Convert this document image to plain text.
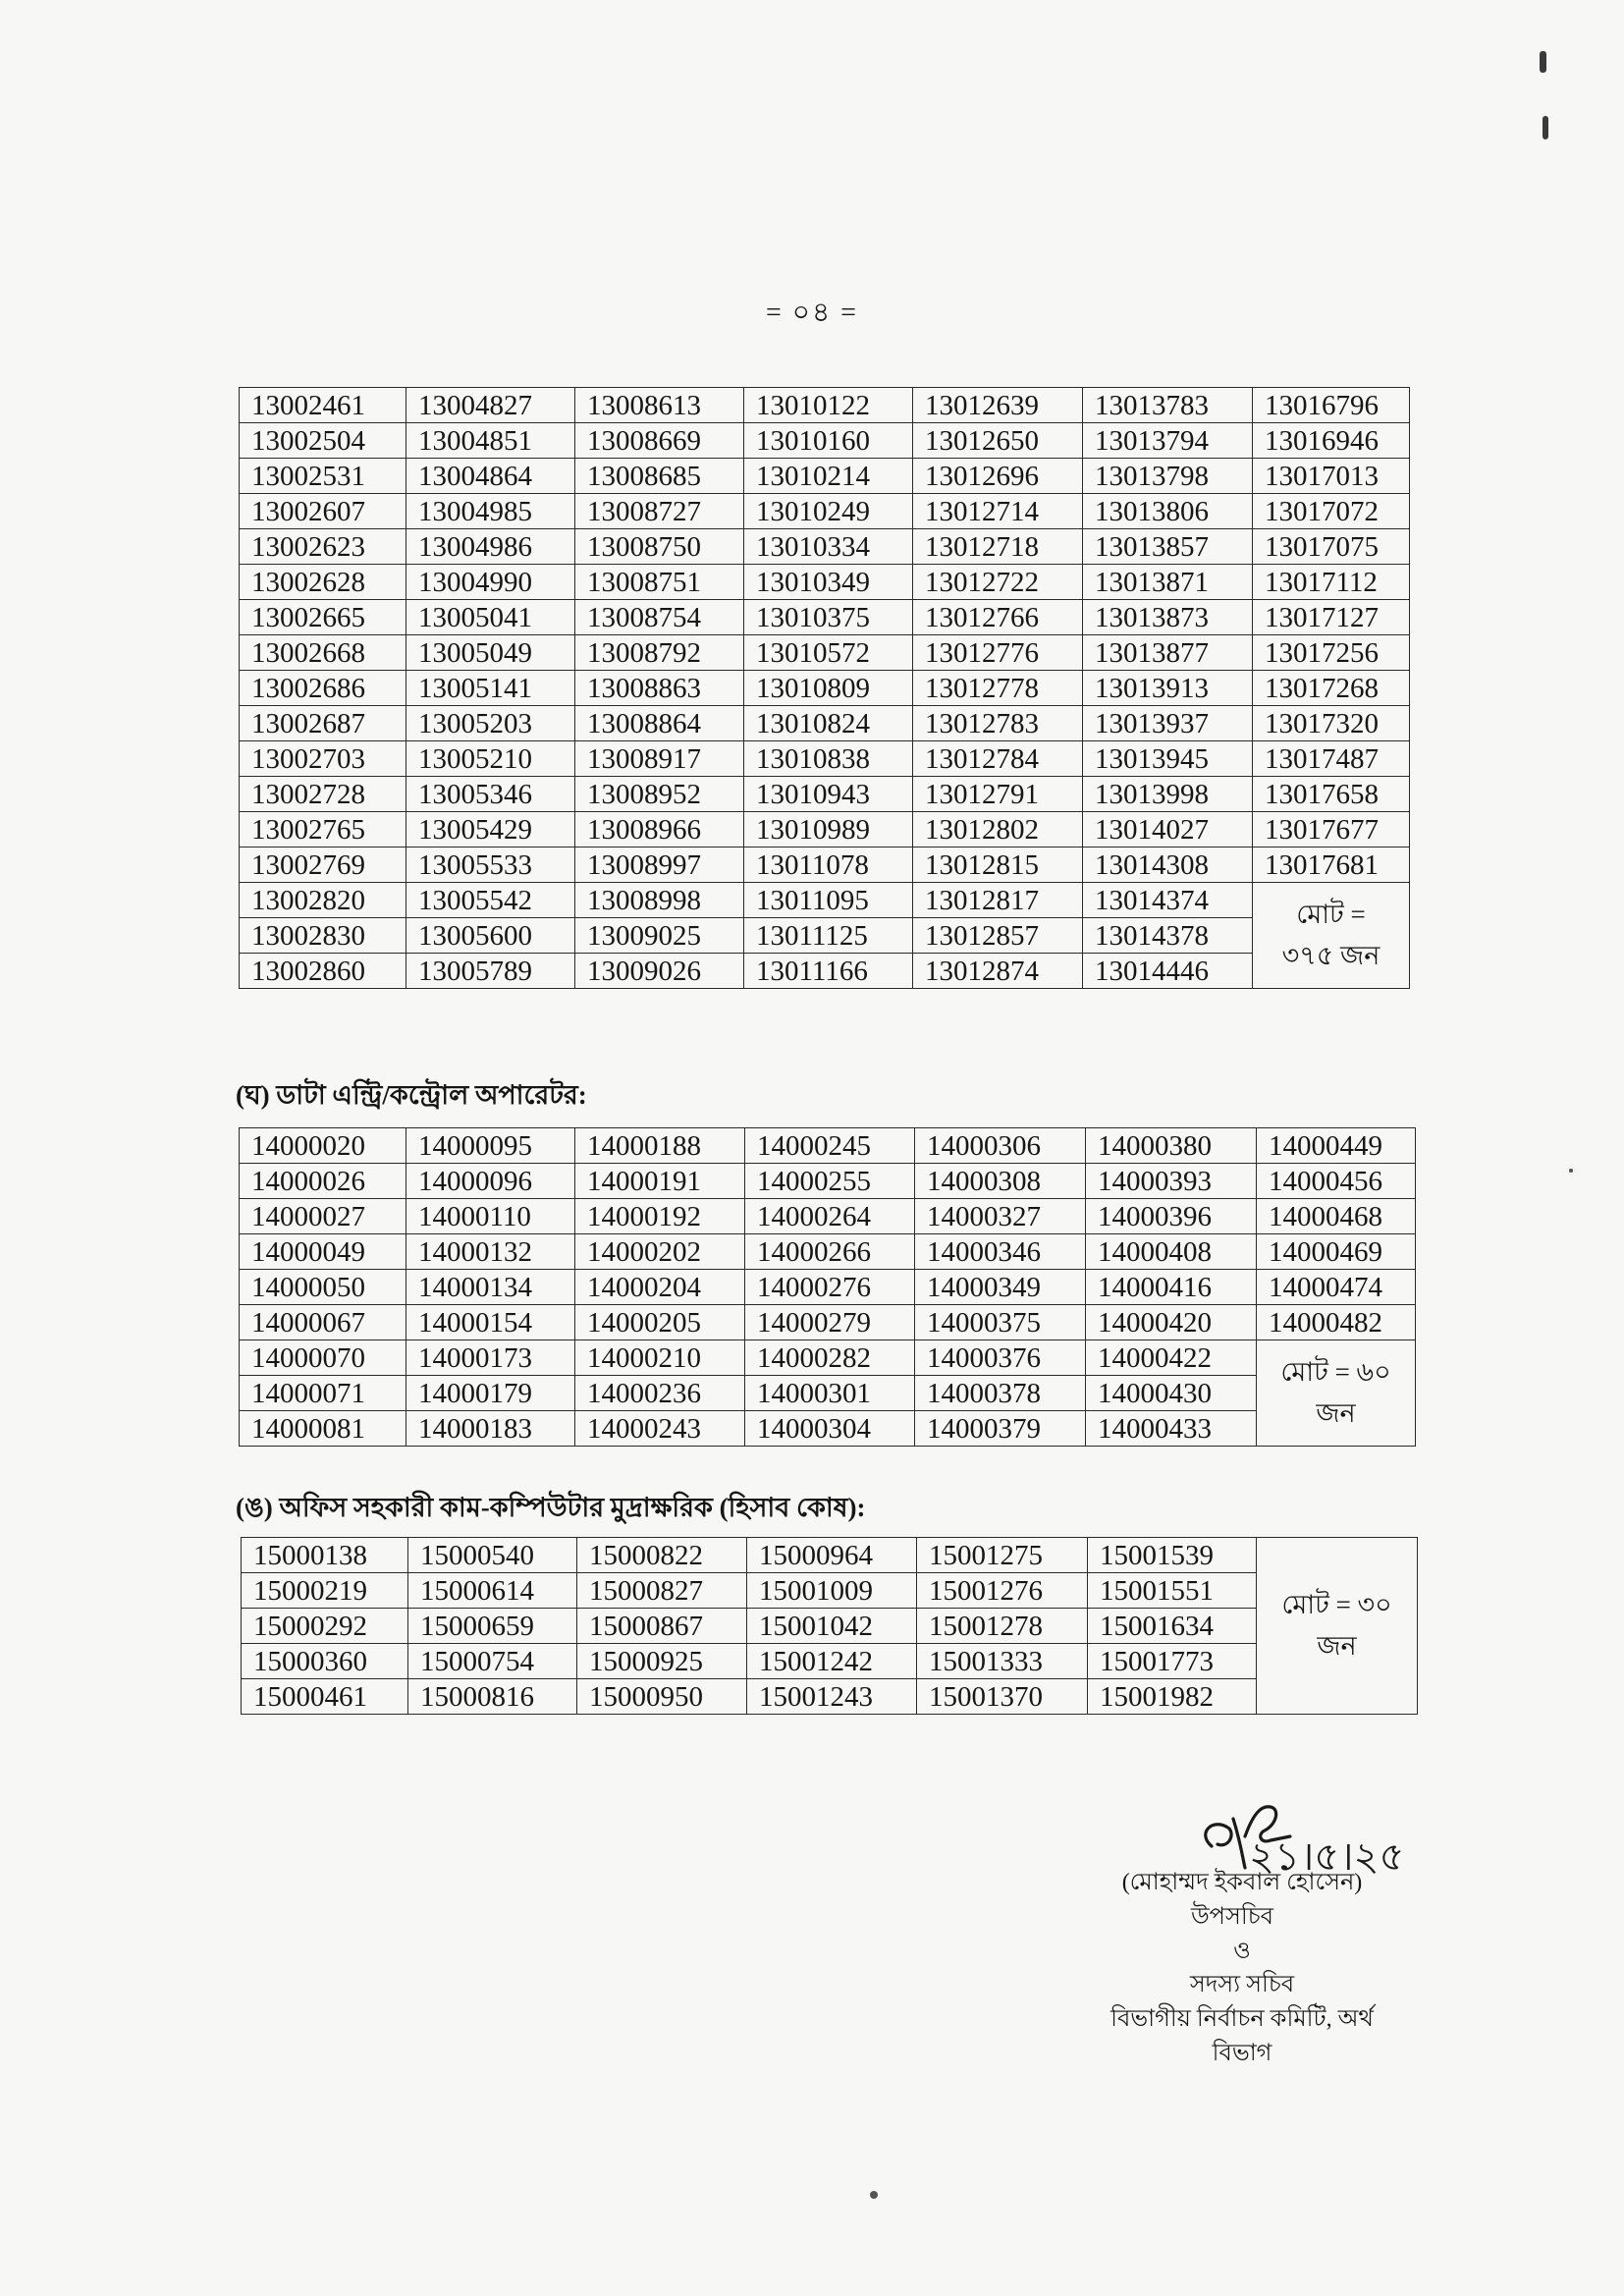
= ০৪ =
13002461	13004827	13008613	13010122	13012639	13013783	13016796
13002504	13004851	13008669	13010160	13012650	13013794	13016946
13002531	13004864	13008685	13010214	13012696	13013798	13017013
13002607	13004985	13008727	13010249	13012714	13013806	13017072
13002623	13004986	13008750	13010334	13012718	13013857	13017075
13002628	13004990	13008751	13010349	13012722	13013871	13017112
13002665	13005041	13008754	13010375	13012766	13013873	13017127
13002668	13005049	13008792	13010572	13012776	13013877	13017256
13002686	13005141	13008863	13010809	13012778	13013913	13017268
13002687	13005203	13008864	13010824	13012783	13013937	13017320
13002703	13005210	13008917	13010838	13012784	13013945	13017487
13002728	13005346	13008952	13010943	13012791	13013998	13017658
13002765	13005429	13008966	13010989	13012802	13014027	13017677
13002769	13005533	13008997	13011078	13012815	13014308	13017681
13002820	13005542	13008998	13011095	13012817	13014374	মোট =
৩৭৫ জন

13002830	13005600	13009025	13011125	13012857	13014378	
13002860	13005789	13009026	13011166	13012874	13014446	
(ঘ) ডাটা এন্ট্রি/কন্ট্রোল অপারেটর:
14000020	14000095	14000188	14000245	14000306	14000380	14000449
14000026	14000096	14000191	14000255	14000308	14000393	14000456
14000027	14000110	14000192	14000264	14000327	14000396	14000468
14000049	14000132	14000202	14000266	14000346	14000408	14000469
14000050	14000134	14000204	14000276	14000349	14000416	14000474
14000067	14000154	14000205	14000279	14000375	14000420	14000482
14000070	14000173	14000210	14000282	14000376	14000422	মোট = ৬০
জন

14000071	14000179	14000236	14000301	14000378	14000430	
14000081	14000183	14000243	14000304	14000379	14000433	
(ঙ) অফিস সহকারী কাম-কম্পিউটার মুদ্রাক্ষরিক (হিসাব কোষ):
15000138	15000540	15000822	15000964	15001275	15001539	মোট = ৩০
জন

15000219	15000614	15000827	15001009	15001276	15001551	
15000292	15000659	15000867	15001042	15001278	15001634	
15000360	15000754	15000925	15001242	15001333	15001773	
15000461	15000816	15000950	15001243	15001370	15001982	
২১।৫।২৫
(মোহাম্মদ ইকবাল হোসেন)
উপসচিব
ও
সদস্য সচিব
বিভাগীয় নির্বাচন কমিটি, অর্থ
বিভাগ
